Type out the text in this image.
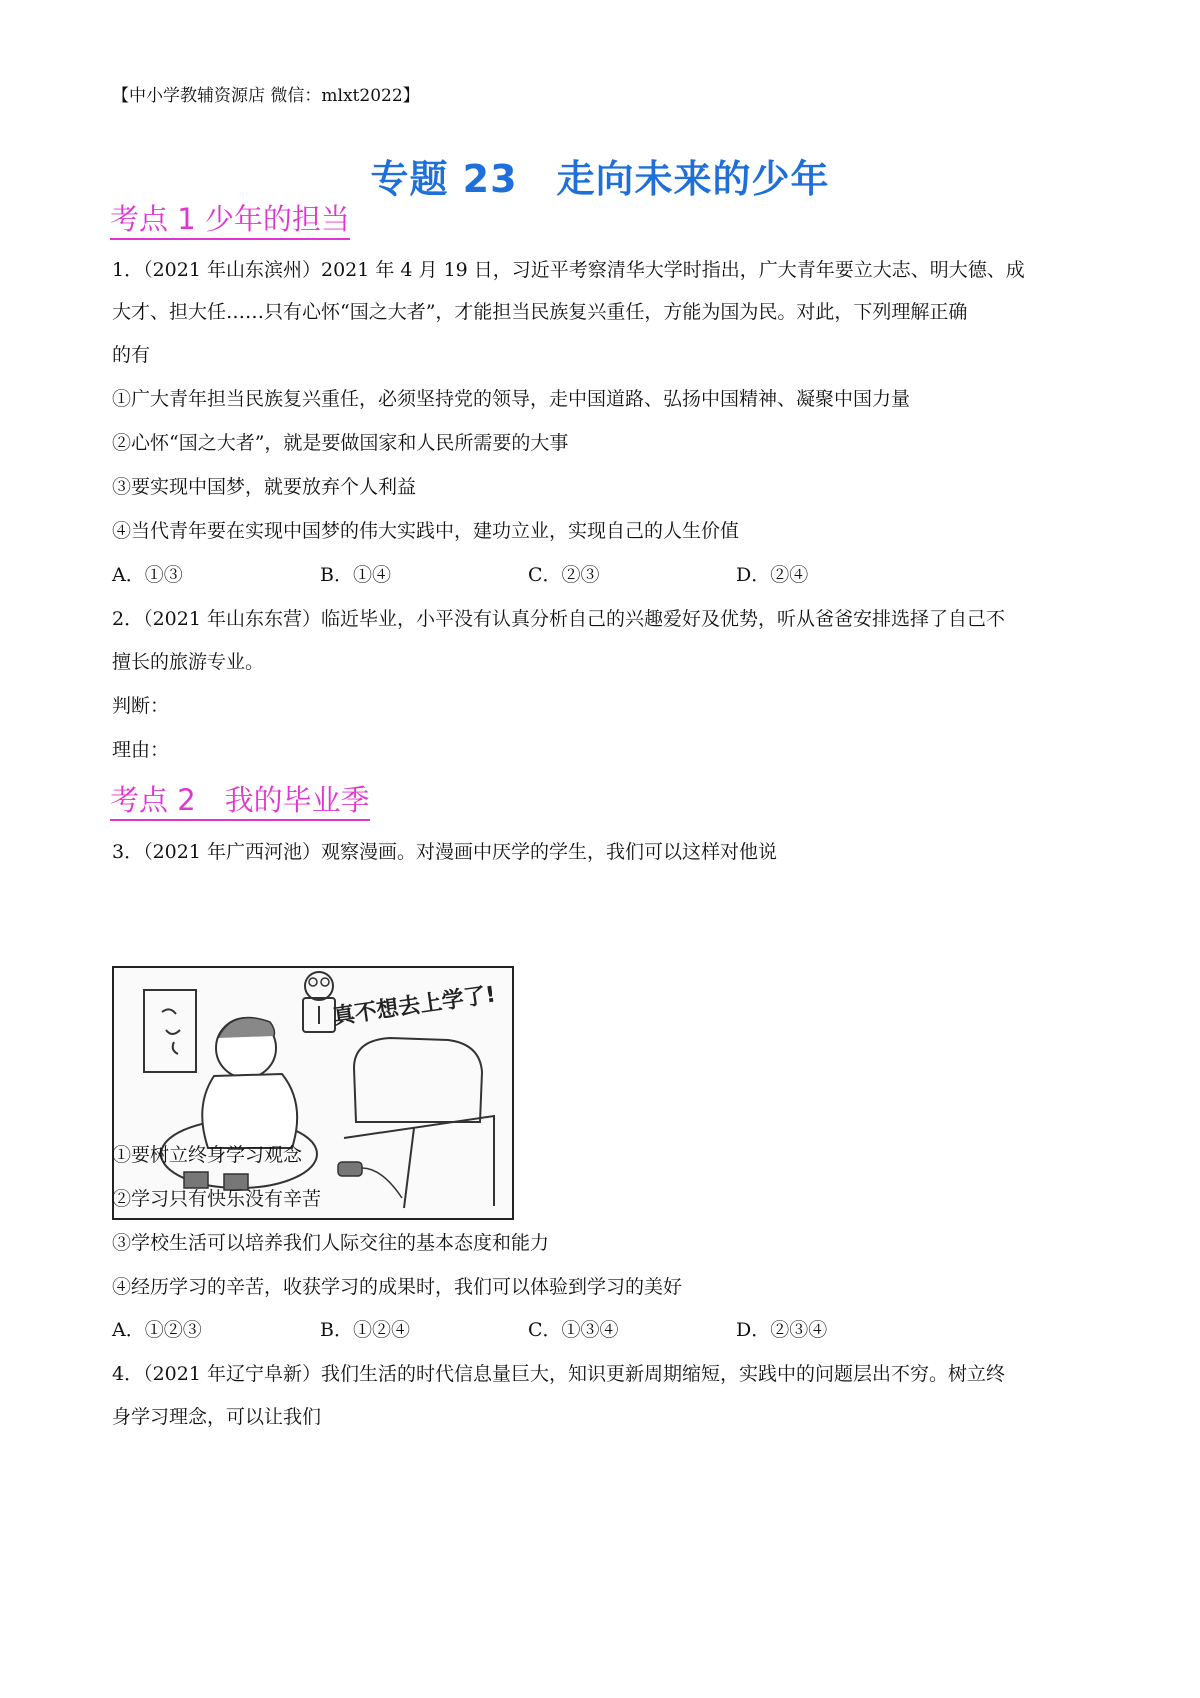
【中小学教辅资源店 微信：mlxt2022】
专题 23　走向未来的少年
考点 1 少年的担当
1．（2021 年山东滨州）2021 年 4 月 19 日，习近平考察清华大学时指出，广大青年要立大志、明大德、成
大才、担大任……只有心怀“国之大者”，才能担当民族复兴重任，方能为国为民。对此，下列理解正确
的有
①广大青年担当民族复兴重任，必须坚持党的领导，走中国道路、弘扬中国精神、凝聚中国力量
②心怀“国之大者”，就是要做国家和人民所需要的大事
③要实现中国梦，就要放弃个人利益
④当代青年要在实现中国梦的伟大实践中，建功立业，实现自己的人生价值
A．①③	B．①④	C．②③	D．②④
2．（2021 年山东东营）临近毕业，小平没有认真分析自己的兴趣爱好及优势，听从爸爸安排选择了自己不
擅长的旅游专业。
判断：
理由：
考点 2　我的毕业季
3．（2021 年广西河池）观察漫画。对漫画中厌学的学生，我们可以这样对他说
真不想去上学了!
①要树立终身学习观念
②学习只有快乐没有辛苦
③学校生活可以培养我们人际交往的基本态度和能力
④经历学习的辛苦，收获学习的成果时，我们可以体验到学习的美好
A．①②③	B．①②④	C．①③④	D．②③④
4．（2021 年辽宁阜新）我们生活的时代信息量巨大，知识更新周期缩短，实践中的问题层出不穷。树立终
身学习理念，可以让我们
